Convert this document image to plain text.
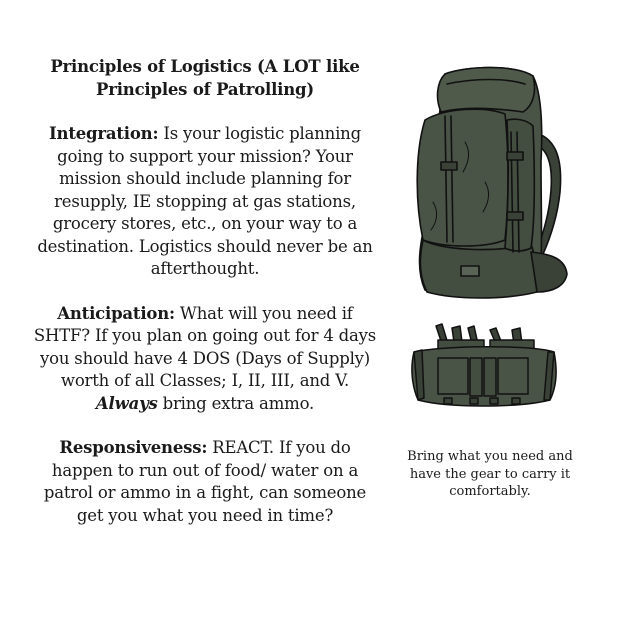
Principles of Logistics (A LOT like Principles of Patrolling)
Integration: Is your logistic planning going to support your mission? Your mission should include planning for resupply, IE stopping at gas stations, grocery stores, etc., on your way to a destination. Logistics should never be an afterthought.
Anticipation: What will you need if SHTF? If you plan on going out for 4 days you should have 4 DOS (Days of Supply) worth of all Classes; I, II, III, and V. Always bring extra ammo.
Responsiveness: REACT. If you do happen to run out of food/ water on a patrol or ammo in a fight, can someone get you what you need in time?
Bring what you need and have the gear to carry it comfortably.
